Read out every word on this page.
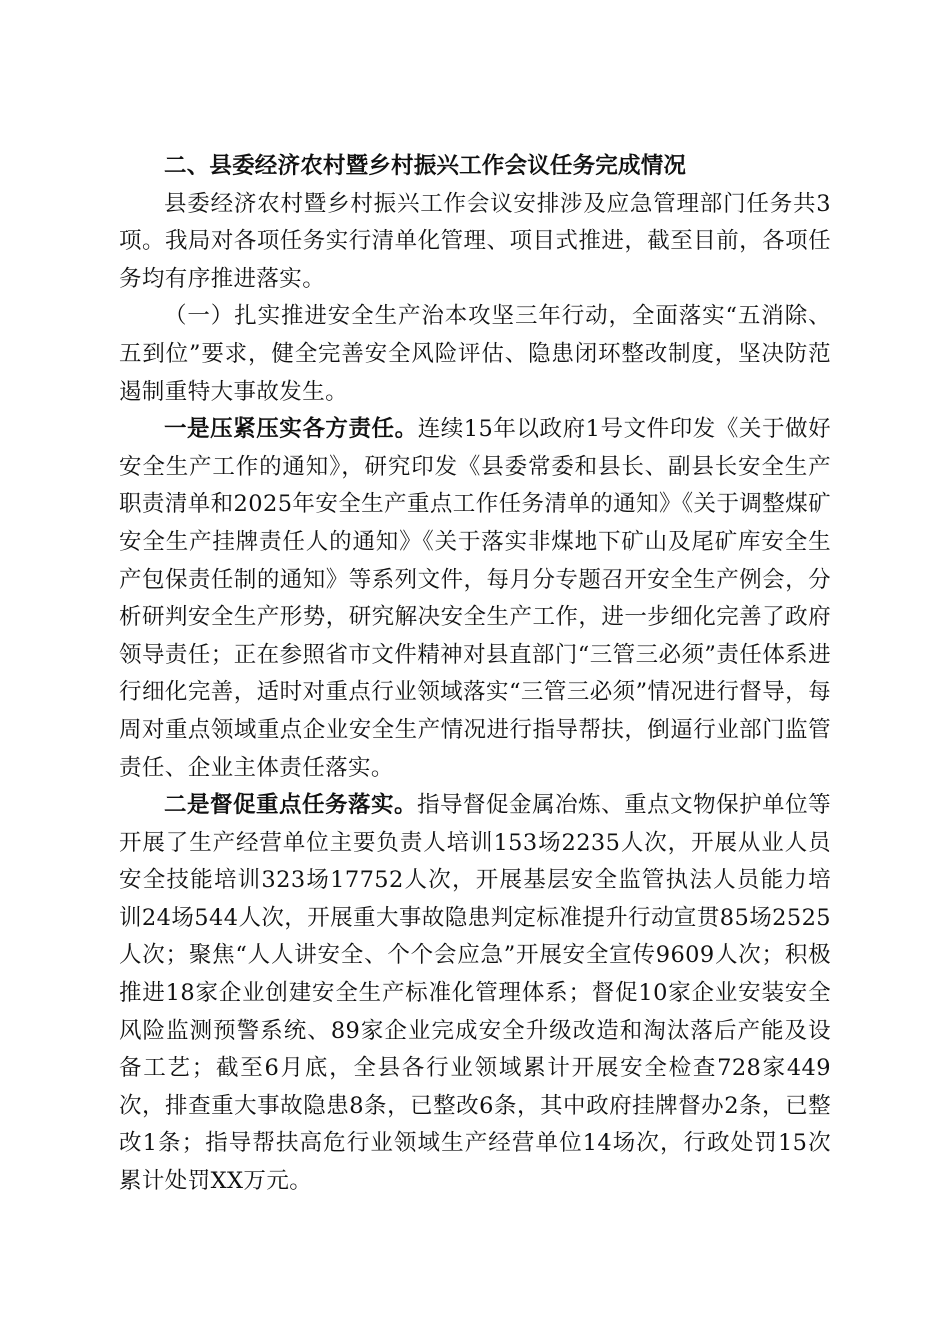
二、县委经济农村暨乡村振兴工作会议任务完成情况

县委经济农村暨乡村振兴工作会议安排涉及应急管理部门任务共3项。我局对各项任务实行清单化管理、项目式推进，截至目前，各项任务均有序推进落实。

（一）扎实推进安全生产治本攻坚三年行动，全面落实“五消除、五到位”要求，健全完善安全风险评估、隐患闭环整改制度，坚决防范遏制重特大事故发生。

一是压紧压实各方责任。连续15年以政府1号文件印发《关于做好安全生产工作的通知》，研究印发《县委常委和县长、副县长安全生产职责清单和2025年安全生产重点工作任务清单的通知》《关于调整煤矿安全生产挂牌责任人的通知》《关于落实非煤地下矿山及尾矿库安全生产包保责任制的通知》等系列文件，每月分专题召开安全生产例会，分析研判安全生产形势，研究解决安全生产工作，进一步细化完善了政府领导责任；正在参照省市文件精神对县直部门“三管三必须”责任体系进行细化完善，适时对重点行业领域落实“三管三必须”情况进行督导，每周对重点领域重点企业安全生产情况进行指导帮扶，倒逼行业部门监管责任、企业主体责任落实。

二是督促重点任务落实。指导督促金属冶炼、重点文物保护单位等开展了生产经营单位主要负责人培训153场2235人次，开展从业人员安全技能培训323场17752人次，开展基层安全监管执法人员能力培训24场544人次，开展重大事故隐患判定标准提升行动宣贯85场2525人次；聚焦“人人讲安全、个个会应急”开展安全宣传9609人次；积极推进18家企业创建安全生产标准化管理体系；督促10家企业安装安全风险监测预警系统、89家企业完成安全升级改造和淘汰落后产能及设备工艺；截至6月底，全县各行业领域累计开展安全检查728家449次，排查重大事故隐患8条，已整改6条，其中政府挂牌督办2条，已整改1条；指导帮扶高危行业领域生产经营单位14场次，行政处罚15次累计处罚XX万元。
